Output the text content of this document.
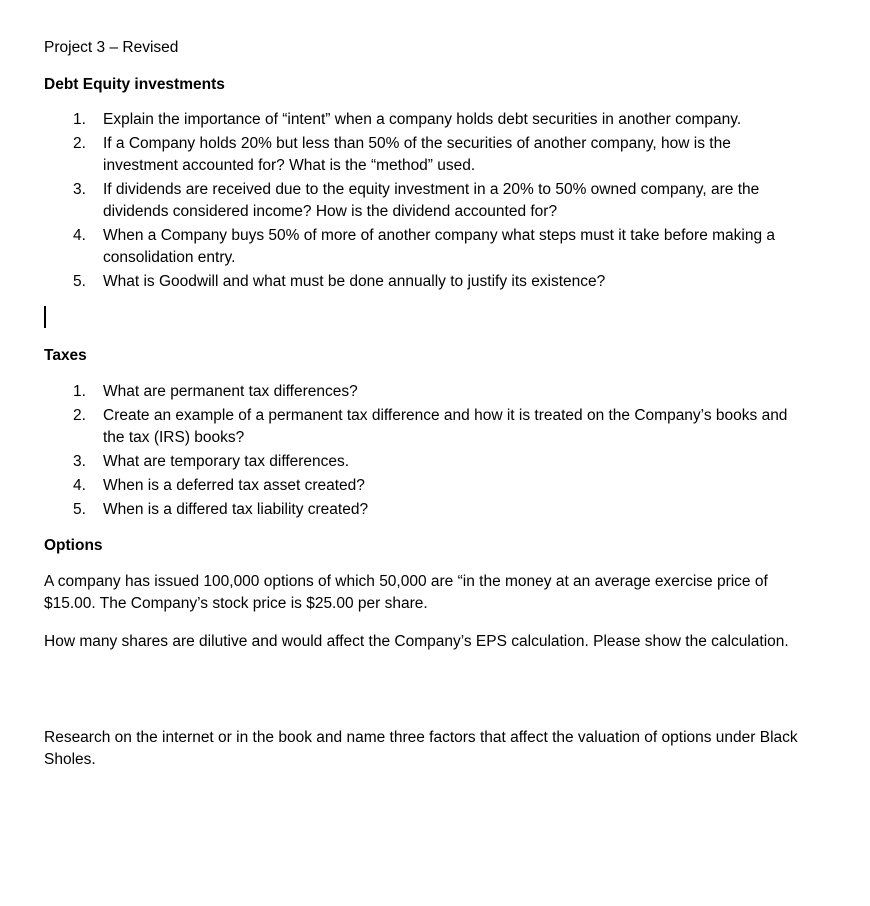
Project 3 – Revised
Debt Equity investments
1. Explain the importance of “intent” when a company holds debt securities in another company.
2. If a Company holds 20% but less than 50% of the securities of another company, how is the investment accounted for? What is the “method” used.
3. If dividends are received due to the equity investment in a 20% to 50% owned company, are the dividends considered income? How is the dividend accounted for?
4. When a Company buys 50% of more of another company what steps must it take before making a consolidation entry.
5. What is Goodwill and what must be done annually to justify its existence?
Taxes
1. What are permanent tax differences?
2. Create an example of a permanent tax difference and how it is treated on the Company’s books and the tax (IRS) books?
3. What are temporary tax differences.
4. When is a deferred tax asset created?
5. When is a differed tax liability created?
Options

A company has issued 100,000 options of which 50,000 are “in the money at an average exercise price of $15.00. The Company’s stock price is $25.00 per share.

How many shares are dilutive and would affect the Company’s EPS calculation. Please show the calculation.

Research on the internet or in the book and name three factors that affect the valuation of options under Black Sholes.
